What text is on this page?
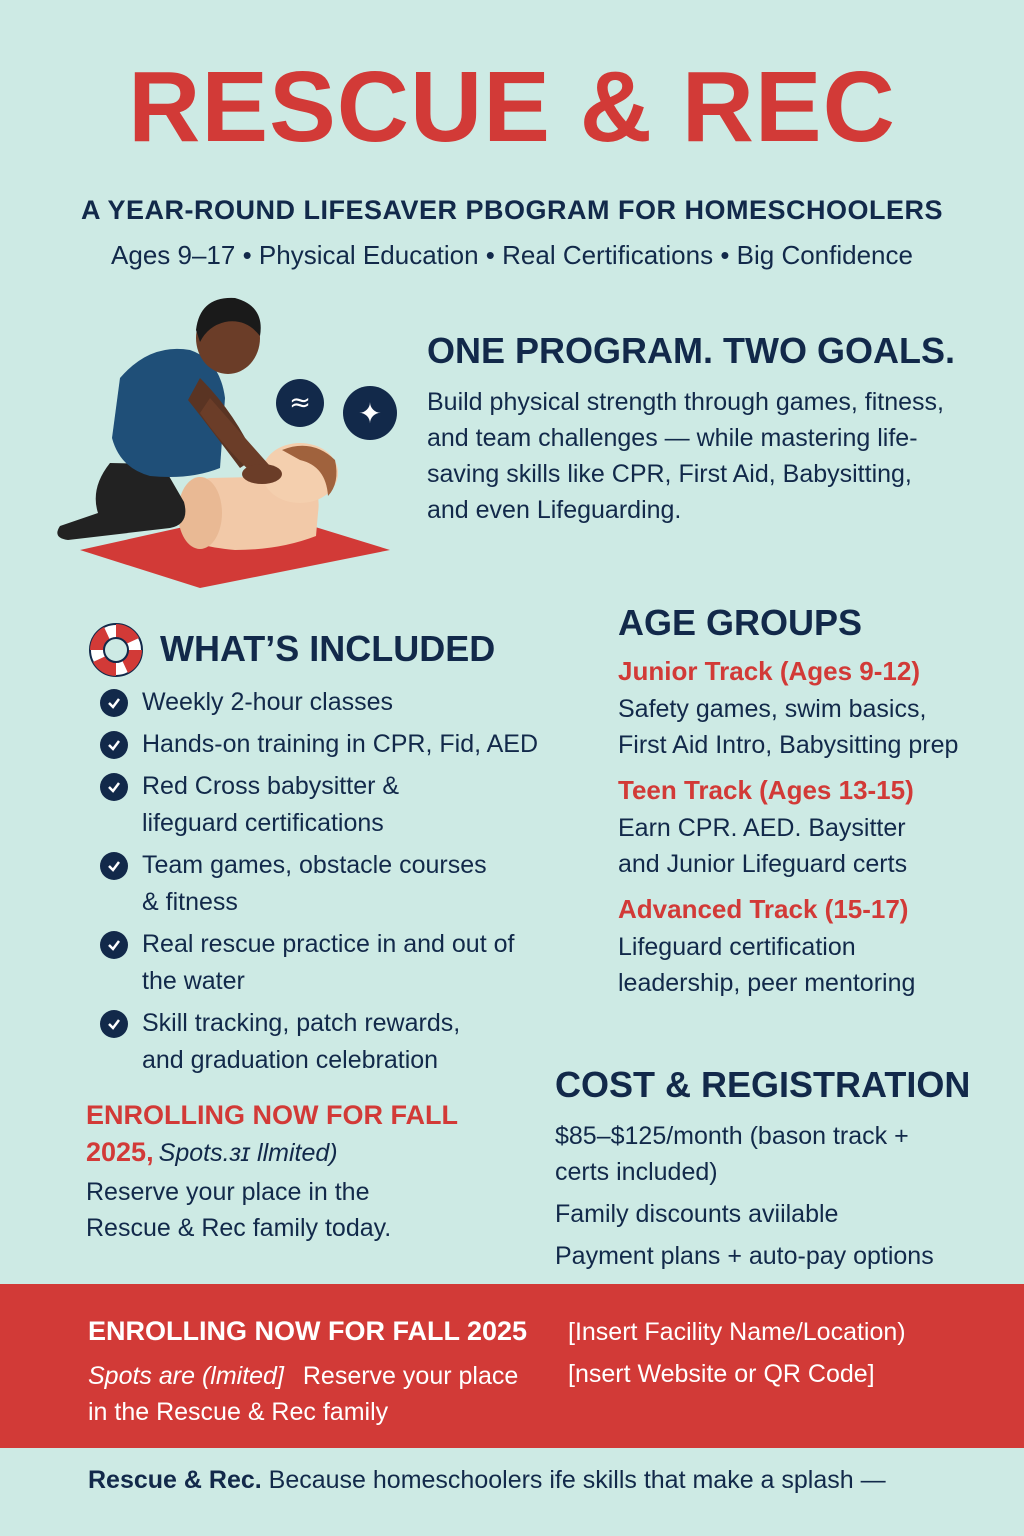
RESCUE & REC
A YEAR-ROUND LIFESAVER PBOGRAM FOR HOMESCHOOLERS
Ages 9–17 • Physical Education • Real Certifications • Big Confidence
≈	✦
ONE PROGRAM. TWO GOALS.
Build physical strength through games, fitness,
and team challenges — while mastering life-
saving skills like CPR, First Aid, Babysitting,
and even Lifeguarding.
WHAT’S INCLUDED
Weekly 2-hour classes
Hands-on training in CPR, Fid, AED
Red Cross babysitter &
lifeguard certifications
Team games, obstacle courses
& fitness
Real rescue practice in and out of
the water
Skill tracking, patch rewards,
and graduation celebration
AGE GROUPS
Junior Track (Ages 9-12)
Safety games, swim basics,
First Aid Intro, Babysitting prep
Teen Track (Ages 13-15)
Earn CPR. AED. Baysitter
and Junior Lifeguard certs
Advanced Track (15-17)
Lifeguard certification
leadership, peer mentoring
ENROLLING NOW FOR FALL
2025, Spots.ɜɪ llmited)
Reserve your place in the
Rescue & Rec family today.
COST & REGISTRATION
$85–$125/month (bason track +
certs included)
Family discounts aviilable
Payment plans + auto-pay options
ENROLLING NOW FOR FALL 2025
Spots are (lmited] Reserve your place
in the Rescue & Rec family
[Insert Facility Name/Location)
[nsert Website or QR Code]
Rescue & Rec. Because homeschoolers ife skills that make a splash —
